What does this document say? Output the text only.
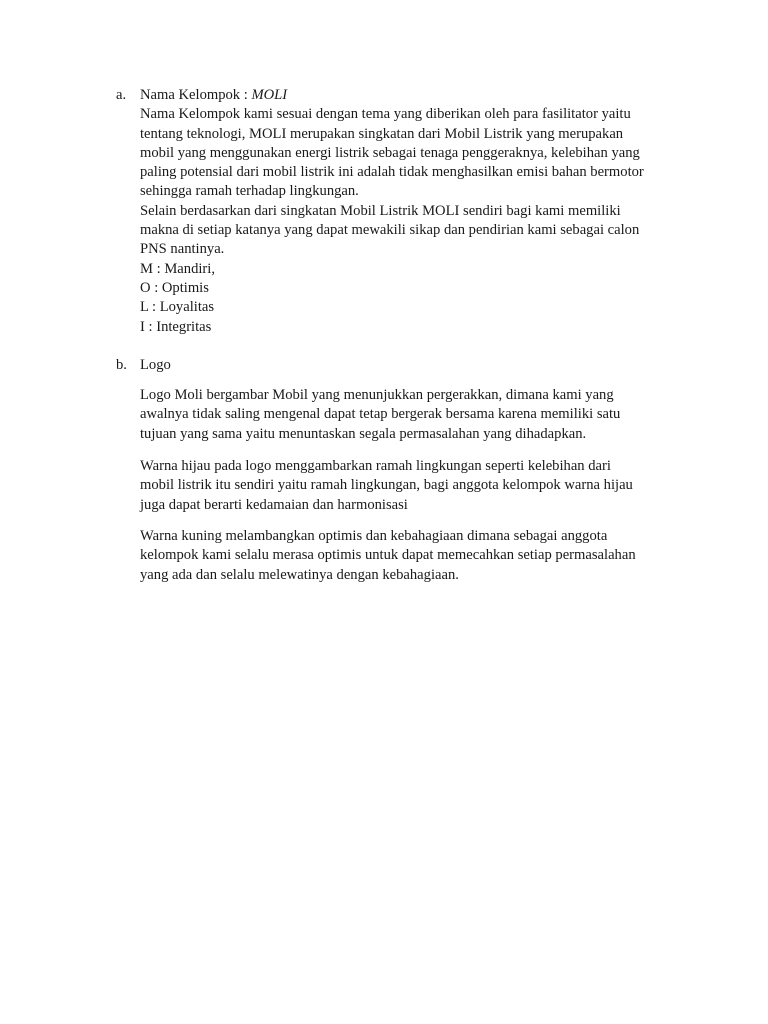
a. Nama Kelompok : MOLI
Nama Kelompok kami sesuai dengan tema yang diberikan oleh para fasilitator yaitu
tentang teknologi, MOLI merupakan singkatan dari Mobil Listrik yang merupakan
mobil yang menggunakan energi listrik sebagai tenaga penggeraknya, kelebihan yang
paling potensial dari mobil listrik ini adalah tidak menghasilkan emisi bahan bermotor
sehingga ramah terhadap lingkungan.
Selain berdasarkan dari singkatan Mobil Listrik MOLI sendiri bagi kami memiliki
makna di setiap katanya yang dapat mewakili sikap dan pendirian kami sebagai calon
PNS nantinya.
M : Mandiri,
O : Optimis
L : Loyalitas
I : Integritas
b. Logo
Logo Moli bergambar Mobil yang menunjukkan pergerakkan, dimana kami yang
awalnya tidak saling mengenal dapat tetap bergerak bersama karena memiliki satu
tujuan yang sama yaitu menuntaskan segala permasalahan yang dihadapkan.
Warna hijau pada logo menggambarkan ramah lingkungan seperti kelebihan dari
mobil listrik itu sendiri yaitu ramah lingkungan, bagi anggota kelompok warna hijau
juga dapat berarti kedamaian dan harmonisasi
Warna kuning melambangkan optimis dan kebahagiaan dimana sebagai anggota
kelompok kami selalu merasa optimis untuk dapat memecahkan setiap permasalahan
yang ada dan selalu melewatinya dengan kebahagiaan.
